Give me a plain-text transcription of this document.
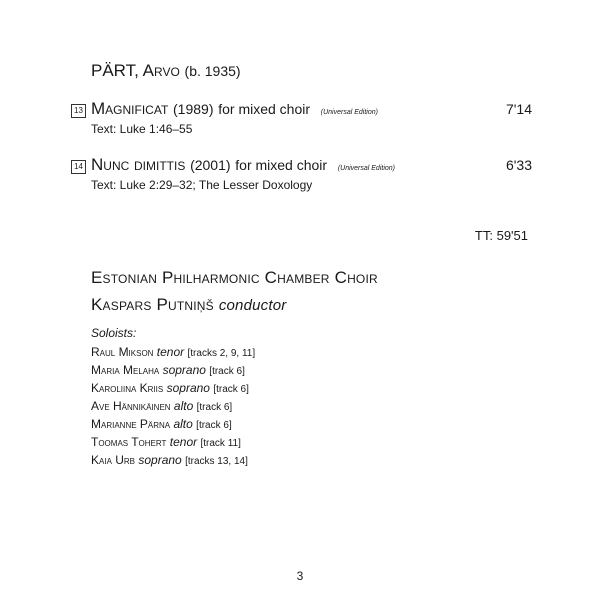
PÄRT, Arvo (b. 1935)
13 Magnificat (1989) for mixed choir (Universal Edition)	7'14
Text: Luke 1:46–55
14 Nunc dimittis (2001) for mixed choir (Universal Edition)	6'33
Text: Luke 2:29–32; The Lesser Doxology
TT: 59'51
Estonian Philharmonic Chamber Choir
Kaspars Putniņš conductor
Soloists:
Raul Mikson tenor [tracks 2, 9, 11]
Maria Melaha soprano [track 6]
Karoliina Kriis soprano [track 6]
Ave Hännikäinen alto [track 6]
Marianne Pärna alto [track 6]
Toomas Tohert tenor [track 11]
Kaia Urb soprano [tracks 13, 14]
3
